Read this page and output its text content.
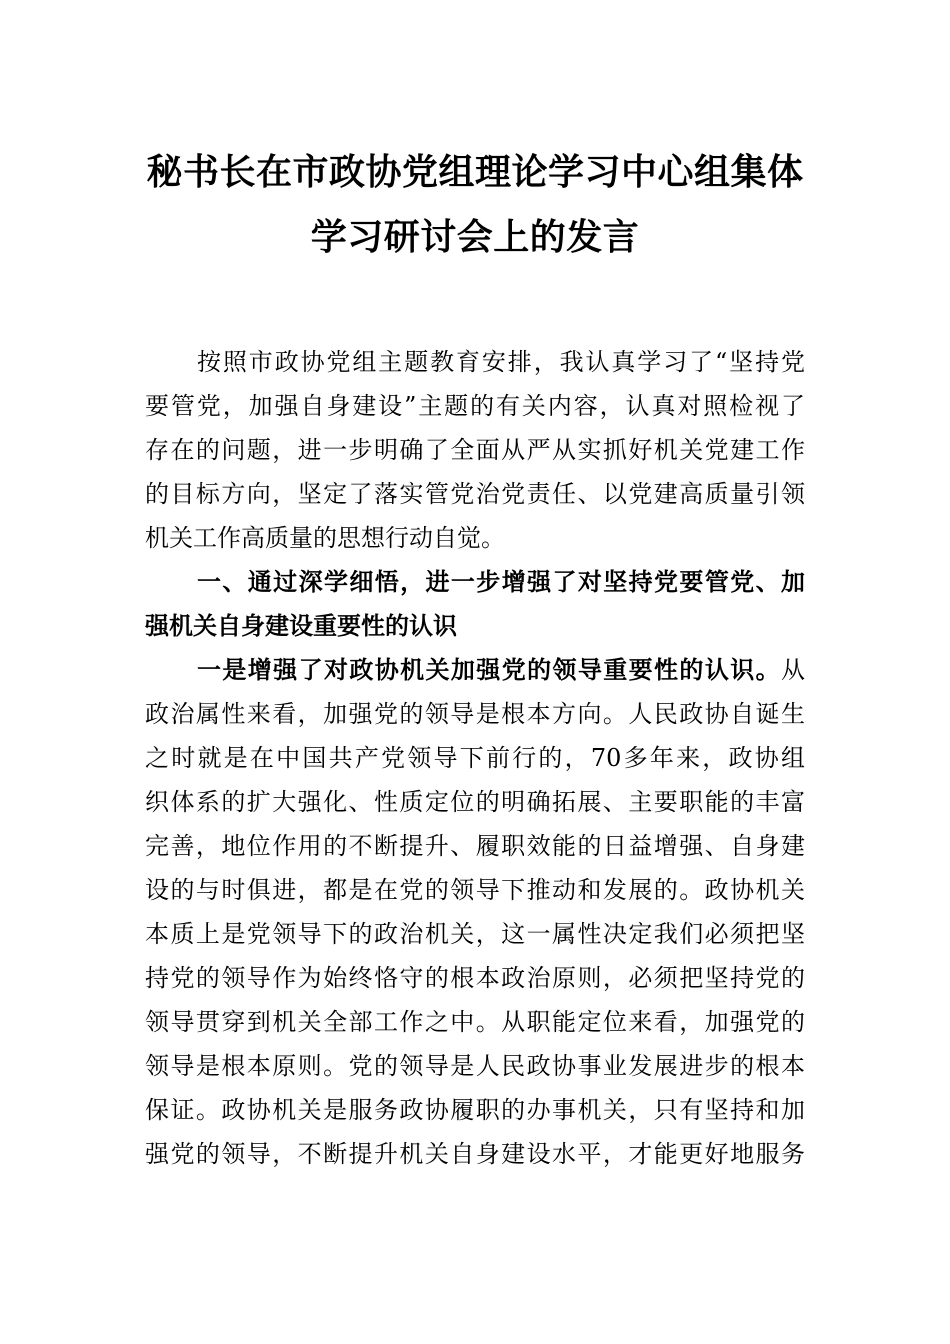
秘书长在市政协党组理论学习中心组集体
学习研讨会上的发言
按照市政协党组主题教育安排，我认真学习了“坚持党
要管党，加强自身建设”主题的有关内容，认真对照检视了
存在的问题，进一步明确了全面从严从实抓好机关党建工作
的目标方向，坚定了落实管党治党责任、以党建高质量引领
机关工作高质量的思想行动自觉。
一、通过深学细悟，进一步增强了对坚持党要管党、加
强机关自身建设重要性的认识
一是增强了对政协机关加强党的领导重要性的认识。从
政治属性来看，加强党的领导是根本方向。人民政协自诞生
之时就是在中国共产党领导下前行的，70多年来，政协组
织体系的扩大强化、性质定位的明确拓展、主要职能的丰富
完善，地位作用的不断提升、履职效能的日益增强、自身建
设的与时俱进，都是在党的领导下推动和发展的。政协机关
本质上是党领导下的政治机关，这一属性决定我们必须把坚
持党的领导作为始终恪守的根本政治原则，必须把坚持党的
领导贯穿到机关全部工作之中。从职能定位来看，加强党的
领导是根本原则。党的领导是人民政协事业发展进步的根本
保证。政协机关是服务政协履职的办事机关，只有坚持和加
强党的领导，不断提升机关自身建设水平，才能更好地服务
